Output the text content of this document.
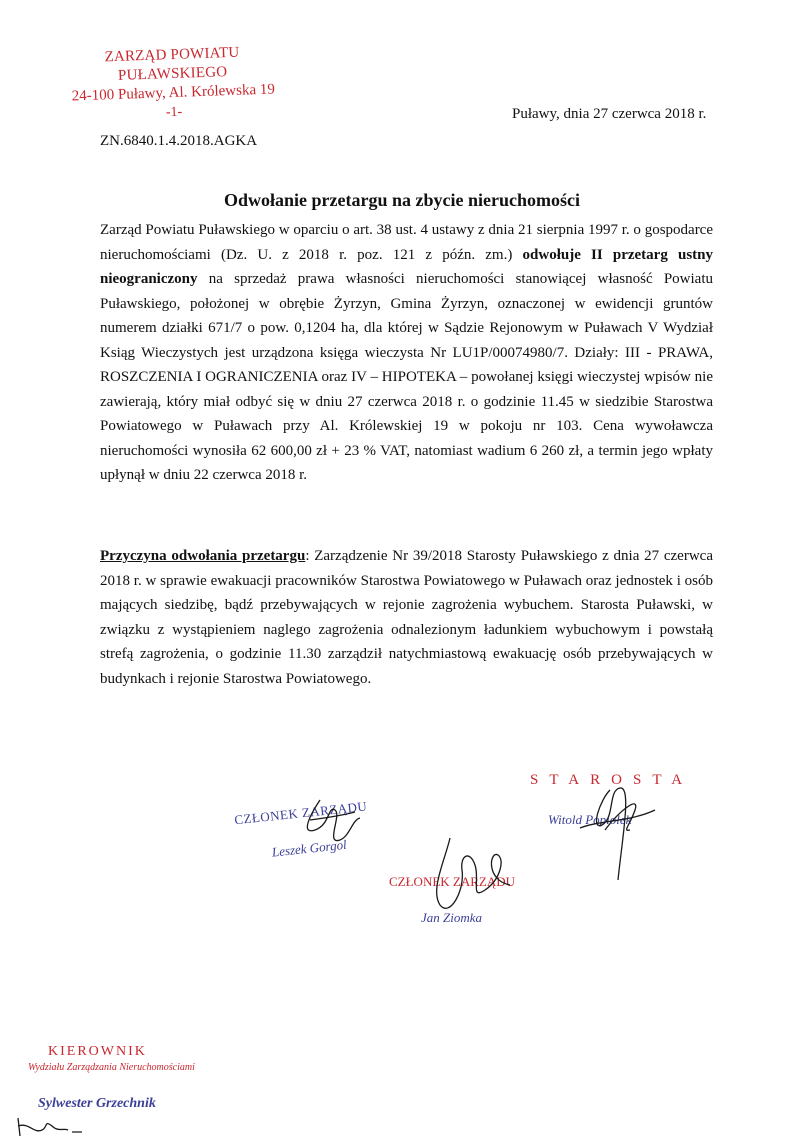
ZARZĄD POWIATU PUŁAWSKIEGO
24-100 Puławy, Al. Królewska 19
-1-	Puławy, dnia 27 czerwca 2018 r.
ZN.6840.1.4.2018.AGKA
Odwołanie przetargu na zbycie nieruchomości

Zarząd Powiatu Puławskiego w oparciu o art. 38 ust. 4 ustawy z dnia 21 sierpnia 1997 r. o gospodarce nieruchomościami (Dz. U. z 2018 r. poz. 121 z późn. zm.) odwołuje II przetarg ustny nieograniczony na sprzedaż prawa własności nieruchomości stanowiącej własność Powiatu Puławskiego, położonej w obrębie Żyrzyn, Gmina Żyrzyn, oznaczonej w ewidencji gruntów numerem działki 671/7 o pow. 0,1204 ha, dla której w Sądzie Rejonowym w Puławach V Wydział Ksiąg Wieczystych jest urządzona księga wieczysta Nr LU1P/00074980/7. Działy: III - PRAWA, ROSZCZENIA I OGRANICZENIA oraz IV – HIPOTEKA – powołanej księgi wieczystej wpisów nie zawierają, który miał odbyć się w dniu 27 czerwca 2018 r. o godzinie 11.45 w siedzibie Starostwa Powiatowego w Puławach przy Al. Królewskiej 19 w pokoju nr 103. Cena wywoławcza nieruchomości wynosiła 62 600,00 zł + 23 % VAT, natomiast wadium 6 260 zł, a termin jego wpłaty upłynął w dniu 22 czerwca 2018 r.

Przyczyna odwołania przetargu: Zarządzenie Nr 39/2018 Starosty Puławskiego z dnia 27 czerwca 2018 r. w sprawie ewakuacji pracowników Starostwa Powiatowego w Puławach oraz jednostek i osób mających siedzibę, bądź przebywających w rejonie zagrożenia wybuchem. Starosta Puławski, w związku z wystąpieniem naglego zagrożenia odnalezionym ładunkiem wybuchowym i powstałą strefą zagrożenia, o godzinie 11.30 zarządził natychmiastową ewakuację osób przebywających w budynkach i rejonie Starostwa Powiatowego.

STAROSTA
Witold Popiołek
CZŁONEK ZARZĄDU
Leszek Gorgol
CZŁONEK ZARZĄDU
Jan Ziomka
KIEROWNIK
Wydziału Zarządzania Nieruchomościami
Sylwester Grzechnik
